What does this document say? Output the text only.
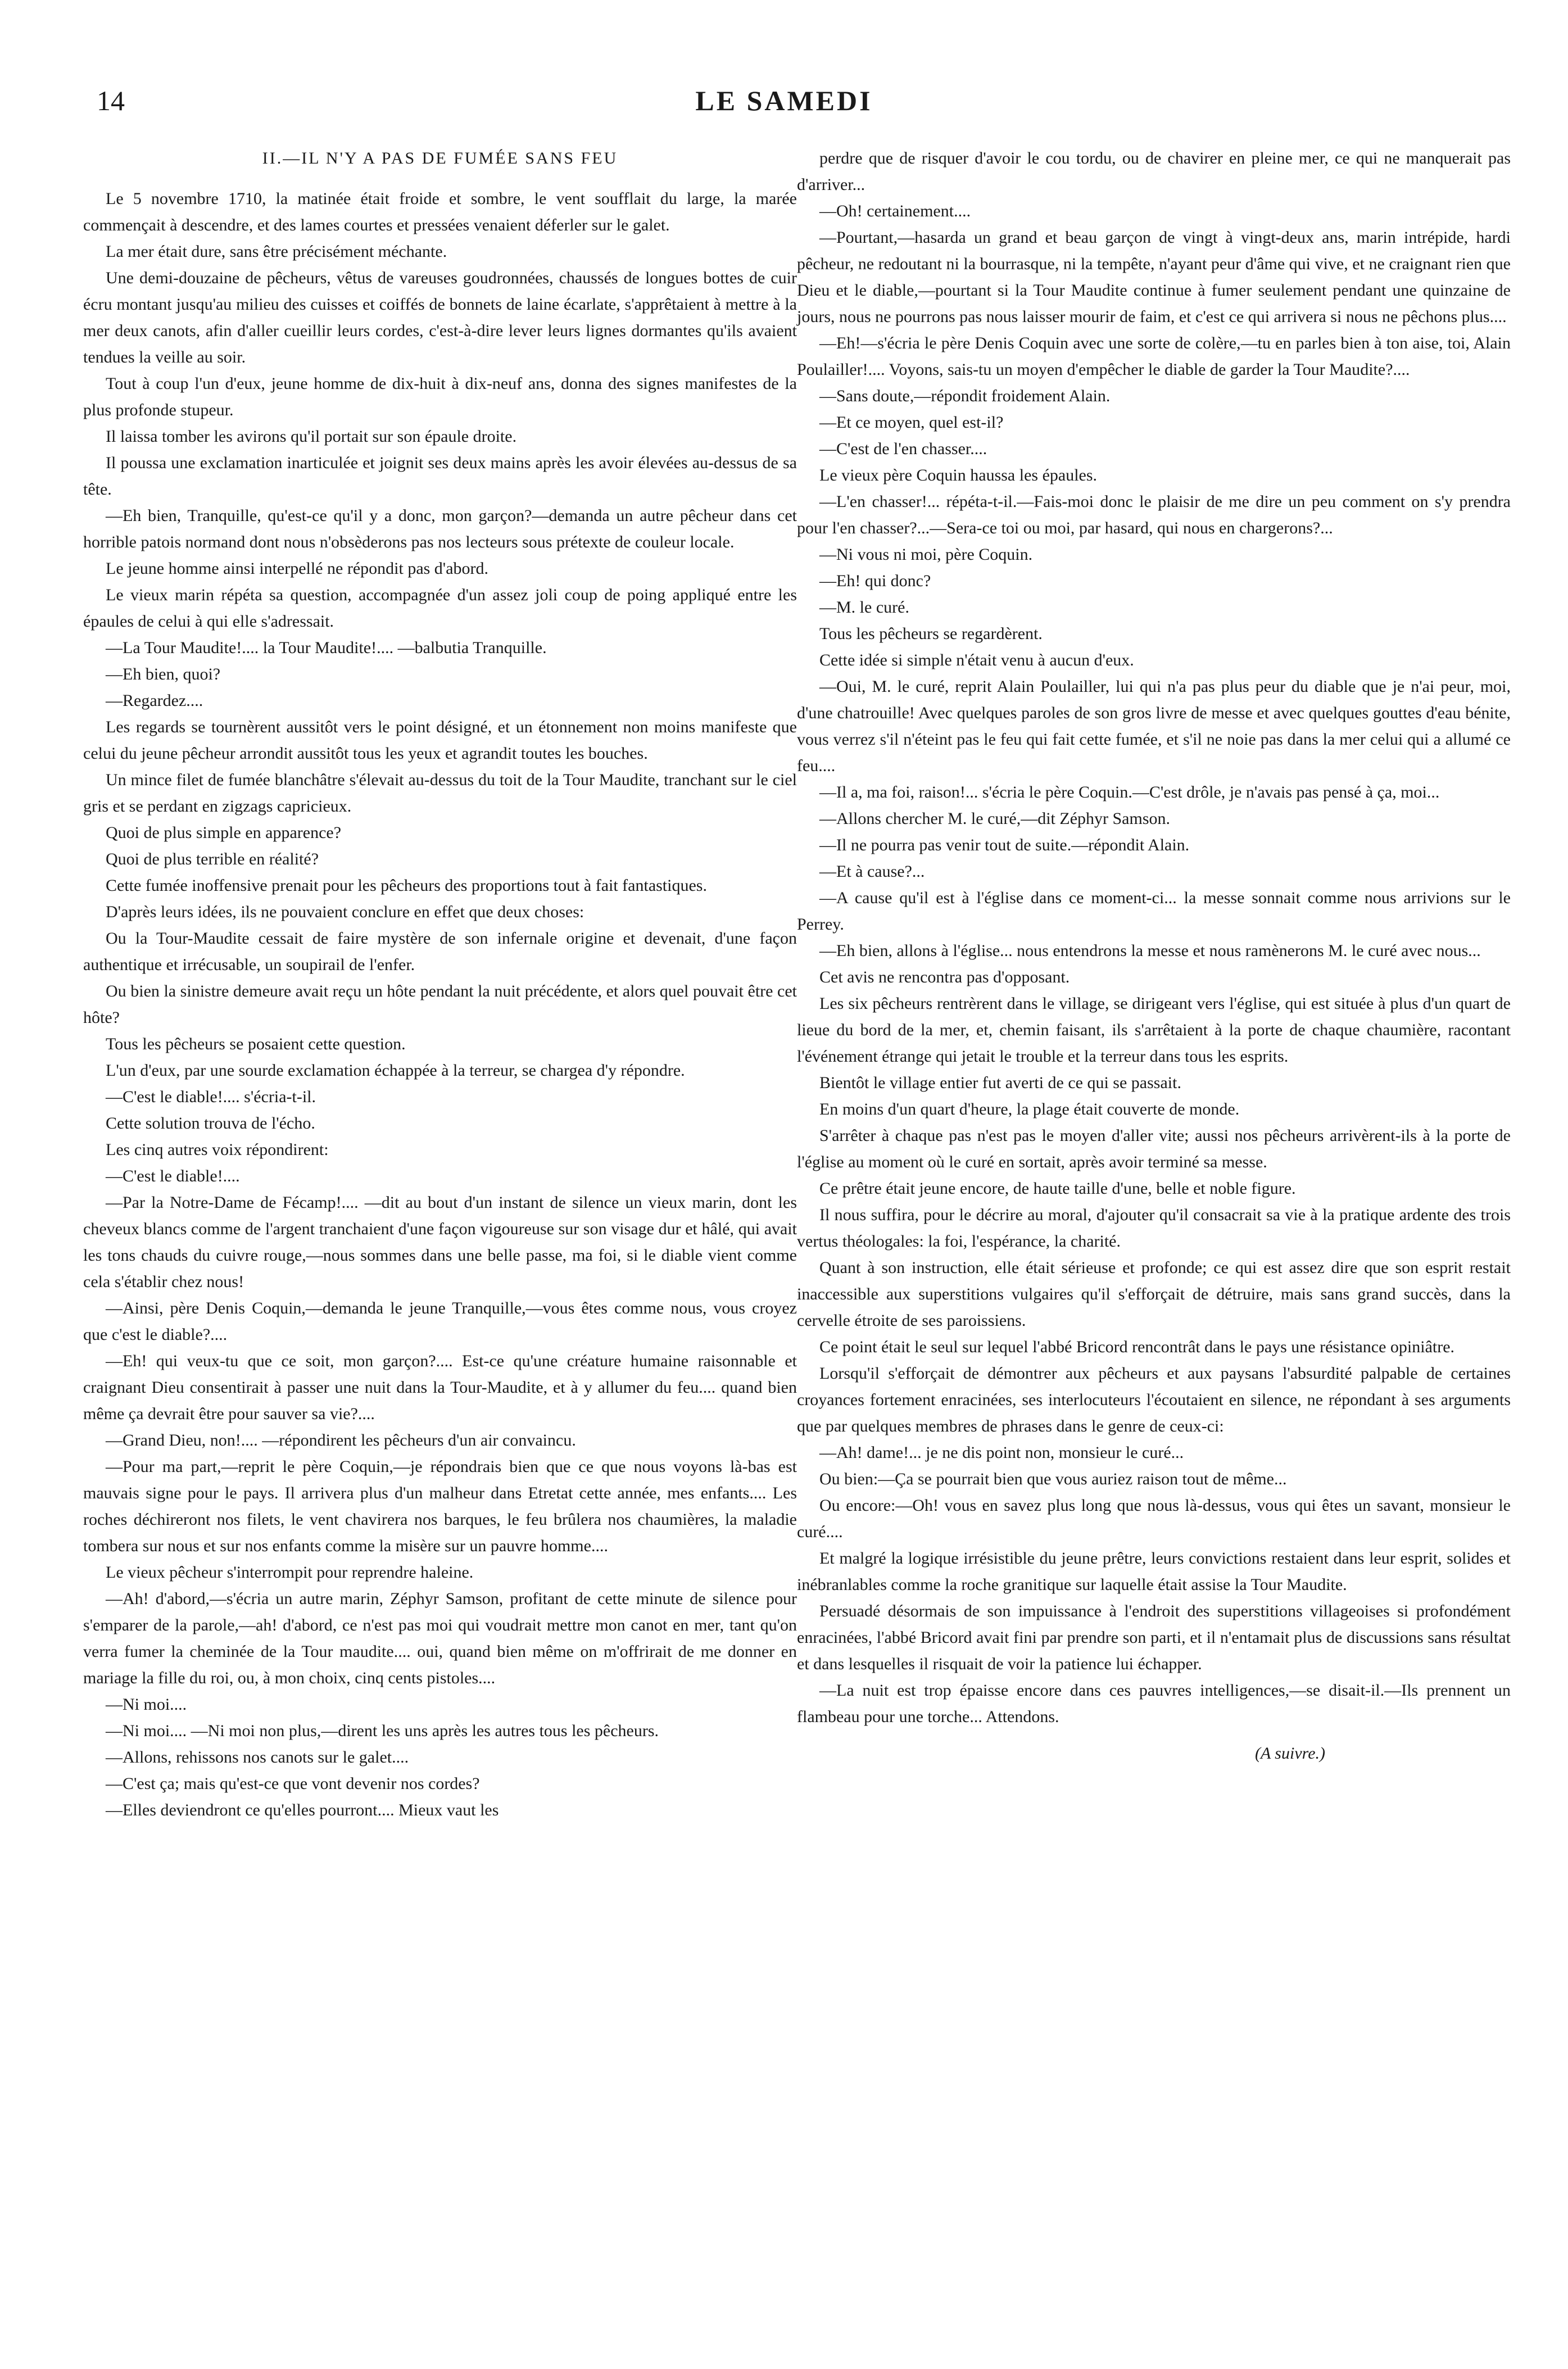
14	LE SAMEDI
II.—IL N'Y A PAS DE FUMÉE SANS FEU

Le 5 novembre 1710, la matinée était froide et sombre, le vent soufflait du large, la marée commençait à descendre, et des lames courtes et pressées venaient déferler sur le galet.

La mer était dure, sans être précisément méchante.

Une demi-douzaine de pêcheurs, vêtus de vareuses goudronnées, chaussés de longues bottes de cuir écru montant jusqu'au milieu des cuisses et coiffés de bonnets de laine écarlate, s'apprêtaient à mettre à la mer deux canots, afin d'aller cueillir leurs cordes, c'est-à-dire lever leurs lignes dormantes qu'ils avaient tendues la veille au soir.

Tout à coup l'un d'eux, jeune homme de dix-huit à dix-neuf ans, donna des signes manifestes de la plus profonde stupeur.

Il laissa tomber les avirons qu'il portait sur son épaule droite.

Il poussa une exclamation inarticulée et joignit ses deux mains après les avoir élevées au-dessus de sa tête.

—Eh bien, Tranquille, qu'est-ce qu'il y a donc, mon garçon?—demanda un autre pêcheur dans cet horrible patois normand dont nous n'obsèderons pas nos lecteurs sous prétexte de couleur locale.

Le jeune homme ainsi interpellé ne répondit pas d'abord.

Le vieux marin répéta sa question, accompagnée d'un assez joli coup de poing appliqué entre les épaules de celui à qui elle s'adressait.

—La Tour Maudite!.... la Tour Maudite!.... —balbutia Tranquille.

—Eh bien, quoi?

—Regardez....

Les regards se tournèrent aussitôt vers le point désigné, et un étonnement non moins manifeste que celui du jeune pêcheur arrondit aussitôt tous les yeux et agrandit toutes les bouches.

Un mince filet de fumée blanchâtre s'élevait au-dessus du toit de la Tour Maudite, tranchant sur le ciel gris et se perdant en zigzags capricieux.

Quoi de plus simple en apparence?

Quoi de plus terrible en réalité?

Cette fumée inoffensive prenait pour les pêcheurs des proportions tout à fait fantastiques.

D'après leurs idées, ils ne pouvaient conclure en effet que deux choses:

Ou la Tour-Maudite cessait de faire mystère de son infernale origine et devenait, d'une façon authentique et irrécusable, un soupirail de l'enfer.

Ou bien la sinistre demeure avait reçu un hôte pendant la nuit précédente, et alors quel pouvait être cet hôte?

Tous les pêcheurs se posaient cette question.

L'un d'eux, par une sourde exclamation échappée à la terreur, se chargea d'y répondre.

—C'est le diable!.... s'écria-t-il.

Cette solution trouva de l'écho.

Les cinq autres voix répondirent:

—C'est le diable!....

—Par la Notre-Dame de Fécamp!.... —dit au bout d'un instant de silence un vieux marin, dont les cheveux blancs comme de l'argent tranchaient d'une façon vigoureuse sur son visage dur et hâlé, qui avait les tons chauds du cuivre rouge,—nous sommes dans une belle passe, ma foi, si le diable vient comme cela s'établir chez nous!

—Ainsi, père Denis Coquin,—demanda le jeune Tranquille,—vous êtes comme nous, vous croyez que c'est le diable?....

—Eh! qui veux-tu que ce soit, mon garçon?.... Est-ce qu'une créature humaine raisonnable et craignant Dieu consentirait à passer une nuit dans la Tour-Maudite, et à y allumer du feu.... quand bien même ça devrait être pour sauver sa vie?....

—Grand Dieu, non!.... —répondirent les pêcheurs d'un air convaincu.

—Pour ma part,—reprit le père Coquin,—je répondrais bien que ce que nous voyons là-bas est mauvais signe pour le pays. Il arrivera plus d'un malheur dans Etretat cette année, mes enfants.... Les roches déchireront nos filets, le vent chavirera nos barques, le feu brûlera nos chaumières, la maladie tombera sur nous et sur nos enfants comme la misère sur un pauvre homme....

Le vieux pêcheur s'interrompit pour reprendre haleine.

—Ah! d'abord,—s'écria un autre marin, Zéphyr Samson, profitant de cette minute de silence pour s'emparer de la parole,—ah! d'abord, ce n'est pas moi qui voudrait mettre mon canot en mer, tant qu'on verra fumer la cheminée de la Tour maudite.... oui, quand bien même on m'offrirait de me donner en mariage la fille du roi, ou, à mon choix, cinq cents pistoles....

—Ni moi....

—Ni moi.... —Ni moi non plus,—dirent les uns après les autres tous les pêcheurs.

—Allons, rehissons nos canots sur le galet....

—C'est ça; mais qu'est-ce que vont devenir nos cordes?

—Elles deviendront ce qu'elles pourront.... Mieux vaut les

perdre que de risquer d'avoir le cou tordu, ou de chavirer en pleine mer, ce qui ne manquerait pas d'arriver...

—Oh! certainement....

—Pourtant,—hasarda un grand et beau garçon de vingt à vingt-deux ans, marin intrépide, hardi pêcheur, ne redoutant ni la bourrasque, ni la tempête, n'ayant peur d'âme qui vive, et ne craignant rien que Dieu et le diable,—pourtant si la Tour Maudite continue à fumer seulement pendant une quinzaine de jours, nous ne pourrons pas nous laisser mourir de faim, et c'est ce qui arrivera si nous ne pêchons plus....

—Eh!—s'écria le père Denis Coquin avec une sorte de colère,—tu en parles bien à ton aise, toi, Alain Poulailler!.... Voyons, sais-tu un moyen d'empêcher le diable de garder la Tour Maudite?....

—Sans doute,—répondit froidement Alain.

—Et ce moyen, quel est-il?

—C'est de l'en chasser....

Le vieux père Coquin haussa les épaules.

—L'en chasser!... répéta-t-il.—Fais-moi donc le plaisir de me dire un peu comment on s'y prendra pour l'en chasser?...—Sera-ce toi ou moi, par hasard, qui nous en chargerons?...

—Ni vous ni moi, père Coquin.

—Eh! qui donc?

—M. le curé.

Tous les pêcheurs se regardèrent.

Cette idée si simple n'était venu à aucun d'eux.

—Oui, M. le curé, reprit Alain Poulailler, lui qui n'a pas plus peur du diable que je n'ai peur, moi, d'une chatrouille! Avec quelques paroles de son gros livre de messe et avec quelques gouttes d'eau bénite, vous verrez s'il n'éteint pas le feu qui fait cette fumée, et s'il ne noie pas dans la mer celui qui a allumé ce feu....

—Il a, ma foi, raison!... s'écria le père Coquin.—C'est drôle, je n'avais pas pensé à ça, moi...

—Allons chercher M. le curé,—dit Zéphyr Samson.

—Il ne pourra pas venir tout de suite.—répondit Alain.

—Et à cause?...

—A cause qu'il est à l'église dans ce moment-ci... la messe sonnait comme nous arrivions sur le Perrey.

—Eh bien, allons à l'église... nous entendrons la messe et nous ramènerons M. le curé avec nous...

Cet avis ne rencontra pas d'opposant.

Les six pêcheurs rentrèrent dans le village, se dirigeant vers l'église, qui est située à plus d'un quart de lieue du bord de la mer, et, chemin faisant, ils s'arrêtaient à la porte de chaque chaumière, racontant l'événement étrange qui jetait le trouble et la terreur dans tous les esprits.

Bientôt le village entier fut averti de ce qui se passait.

En moins d'un quart d'heure, la plage était couverte de monde.

S'arrêter à chaque pas n'est pas le moyen d'aller vite; aussi nos pêcheurs arrivèrent-ils à la porte de l'église au moment où le curé en sortait, après avoir terminé sa messe.

Ce prêtre était jeune encore, de haute taille d'une, belle et noble figure.

Il nous suffira, pour le décrire au moral, d'ajouter qu'il consacrait sa vie à la pratique ardente des trois vertus théologales: la foi, l'espérance, la charité.

Quant à son instruction, elle était sérieuse et profonde; ce qui est assez dire que son esprit restait inaccessible aux superstitions vulgaires qu'il s'efforçait de détruire, mais sans grand succès, dans la cervelle étroite de ses paroissiens.

Ce point était le seul sur lequel l'abbé Bricord rencontrât dans le pays une résistance opiniâtre.

Lorsqu'il s'efforçait de démontrer aux pêcheurs et aux paysans l'absurdité palpable de certaines croyances fortement enracinées, ses interlocuteurs l'écoutaient en silence, ne répondant à ses arguments que par quelques membres de phrases dans le genre de ceux-ci:

—Ah! dame!... je ne dis point non, monsieur le curé...

Ou bien:—Ça se pourrait bien que vous auriez raison tout de même...

Ou encore:—Oh! vous en savez plus long que nous là-dessus, vous qui êtes un savant, monsieur le curé....

Et malgré la logique irrésistible du jeune prêtre, leurs convictions restaient dans leur esprit, solides et inébranlables comme la roche granitique sur laquelle était assise la Tour Maudite.

Persuadé désormais de son impuissance à l'endroit des superstitions villageoises si profondément enracinées, l'abbé Bricord avait fini par prendre son parti, et il n'entamait plus de discussions sans résultat et dans lesquelles il risquait de voir la patience lui échapper.

—La nuit est trop épaisse encore dans ces pauvres intelligences,—se disait-il.—Ils prennent un flambeau pour une torche... Attendons.

(A suivre.)
